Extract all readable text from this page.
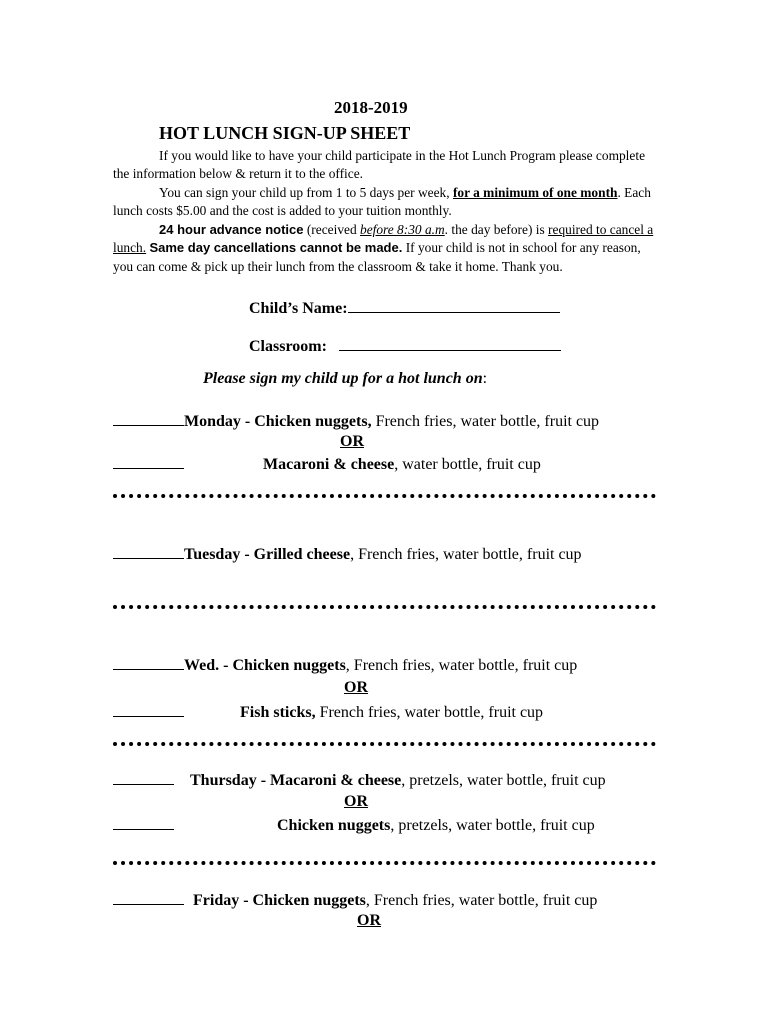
2018-2019
HOT LUNCH SIGN-UP SHEET
If you would like to have your child participate in the Hot Lunch Program please complete the information below & return it to the office.
You can sign your child up from 1 to 5 days per week, for a minimum of one month. Each lunch costs $5.00 and the cost is added to your tuition monthly.
24 hour advance notice (received before 8:30 a.m. the day before) is required to cancel a lunch. Same day cancellations cannot be made. If your child is not in school for any reason, you can come & pick up their lunch from the classroom & take it home. Thank you.
Child’s Name:
Classroom:
Please sign my child up for a hot lunch on:
Monday - Chicken nuggets, French fries, water bottle, fruit cup
OR
Macaroni & cheese, water bottle, fruit cup
Tuesday - Grilled cheese, French fries, water bottle, fruit cup
Wed. - Chicken nuggets, French fries, water bottle, fruit cup
OR
Fish sticks, French fries, water bottle, fruit cup
Thursday - Macaroni & cheese, pretzels, water bottle, fruit cup
OR
Chicken nuggets, pretzels, water bottle, fruit cup
Friday - Chicken nuggets, French fries, water bottle, fruit cup
OR
